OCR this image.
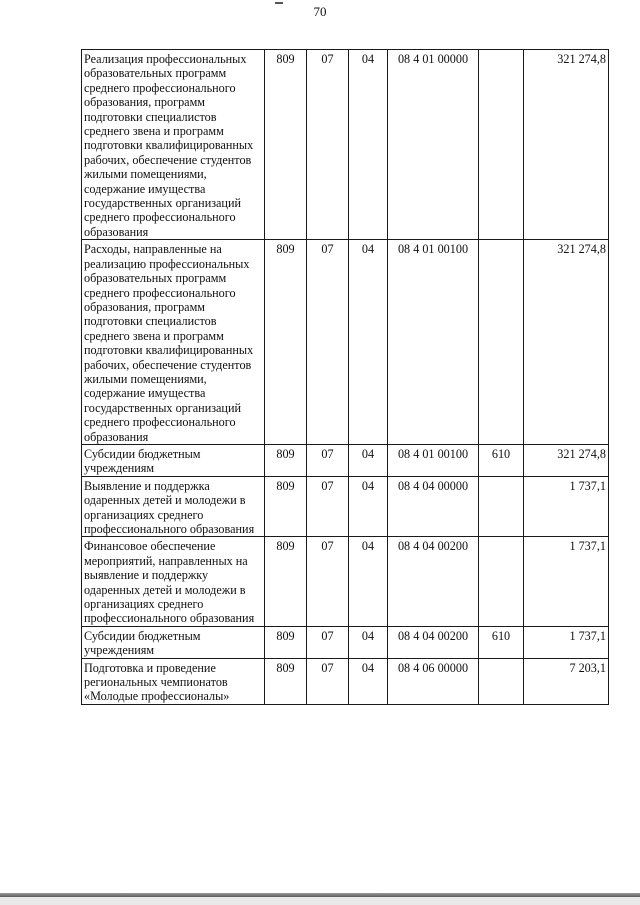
70
Реализация профессиональных образовательных программ среднего профессионального образования, программ подготовки специалистов среднего звена и программ подготовки квалифицированных рабочих, обеспечение студентов жилыми помещениями, содержание имущества государственных организаций среднего профессионального образования	809	07	04	08 4 01 00000		321 274,8
Расходы, направленные на реализацию профессиональных образовательных программ среднего профессионального образования, программ подготовки специалистов среднего звена и программ подготовки квалифицированных рабочих, обеспечение студентов жилыми помещениями, содержание имущества государственных организаций среднего профессионального образования	809	07	04	08 4 01 00100		321 274,8
Субсидии бюджетным учреждениям	809	07	04	08 4 01 00100	610	321 274,8
Выявление и поддержка одаренных детей и молодежи в организациях среднего профессионального образования	809	07	04	08 4 04 00000		1 737,1
Финансовое обеспечение мероприятий, направленных на выявление и поддержку одаренных детей и молодежи в организациях среднего профессионального образования	809	07	04	08 4 04 00200		1 737,1
Субсидии бюджетным учреждениям	809	07	04	08 4 04 00200	610	1 737,1
Подготовка и проведение региональных чемпионатов «Молодые профессионалы»	809	07	04	08 4 06 00000		7 203,1
